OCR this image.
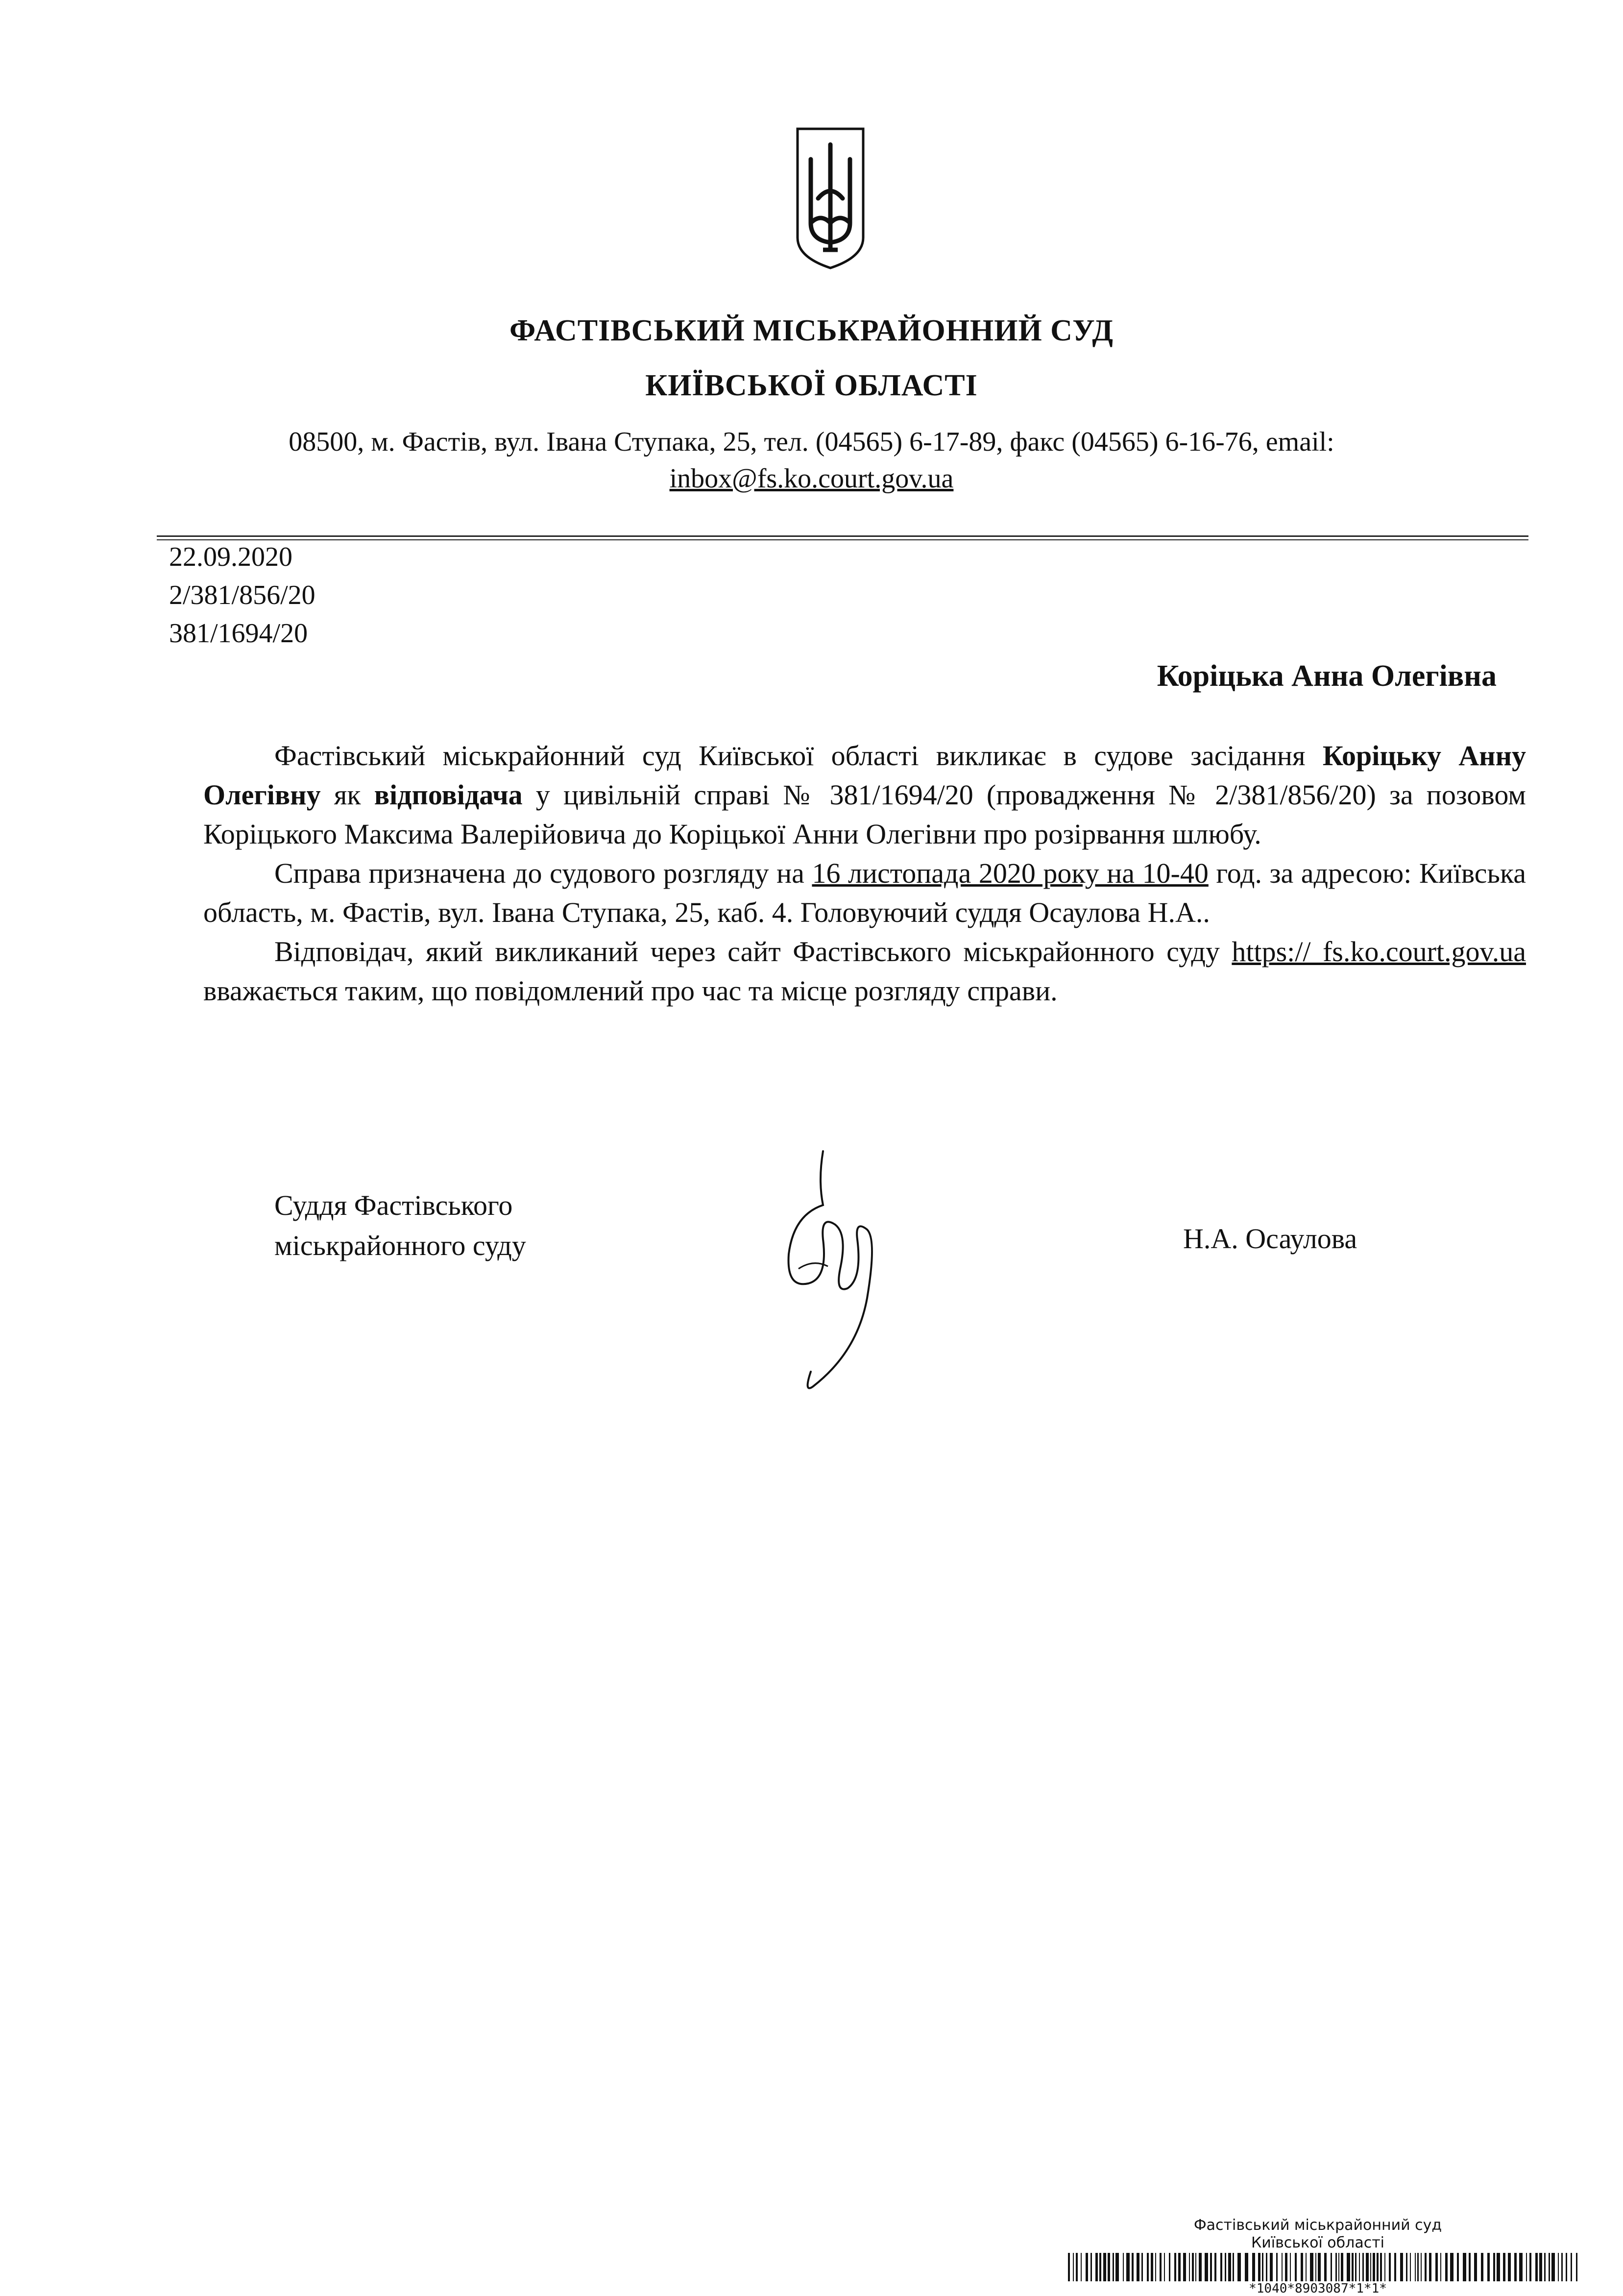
ФАСТІВСЬКИЙ МІСЬКРАЙОННИЙ СУД
КИЇВСЬКОЇ ОБЛАСТІ
08500, м. Фастів, вул. Івана Ступака, 25, тел. (04565) 6-17-89, факс (04565) 6-16-76, email:
inbox@fs.ko.court.gov.ua
22.09.2020
2/381/856/20
381/1694/20
Коріцька Анна Олегівна

Фастівський міськрайонний суд Київської області викликає в судове засідання Коріцьку Анну Олегівну як відповідача у цивільній справі № 381/1694/20 (провадження № 2/381/856/20) за позовом Коріцького Максима Валерійовича до Коріцької Анни Олегівни про розірвання шлюбу.

Справа призначена до судового розгляду на 16 листопада 2020 року на 10-40 год. за адресою: Київська область, м. Фастів, вул. Івана Ступака, 25, каб. 4. Головуючий суддя Осаулова Н.А..

Відповідач, який викликаний через сайт Фастівського міськрайонного суду https:// fs.ko.court.gov.ua вважається таким, що повідомлений про час та місце розгляду справи.

Суддя Фастівського
міськрайонного суду	Н.А. Осаулова
Фастівський міськрайонний суд
Київської області
*1040*8903087*1*1*
